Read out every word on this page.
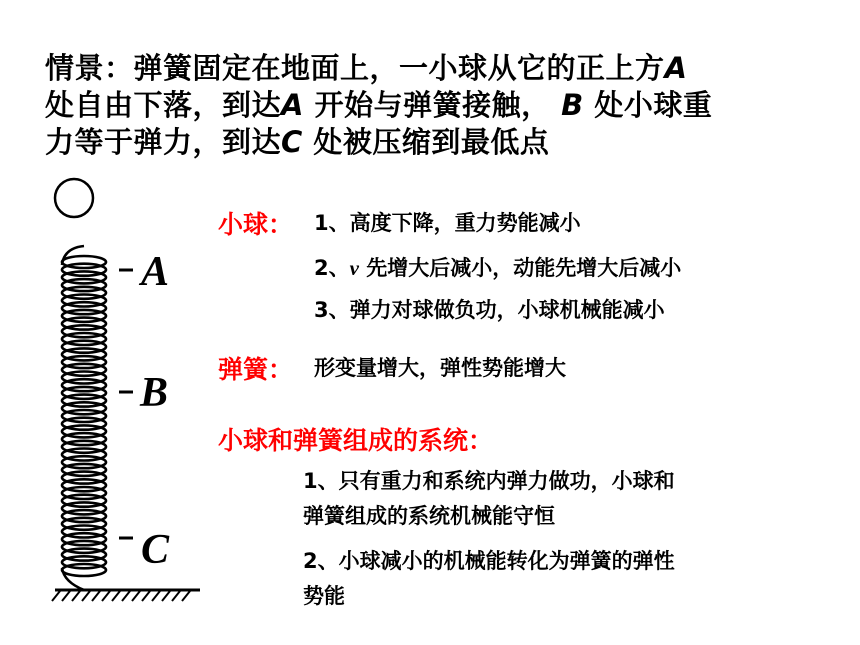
情景：弹簧固定在地面上，一小球从它的正上方A
处自由下落，到达A 开始与弹簧接触， B 处小球重
力等于弹力，到达C 处被压缩到最低点
A
B
C
小球： 1、高度下降，重力势能减小
2、v 先增大后减小，动能先增大后减小
3、弹力对球做负功，小球机械能减小
弹簧： 形变量增大，弹性势能增大
小球和弹簧组成的系统：
1、只有重力和系统内弹力做功，小球和
弹簧组成的系统机械能守恒
2、小球减小的机械能转化为弹簧的弹性
势能
